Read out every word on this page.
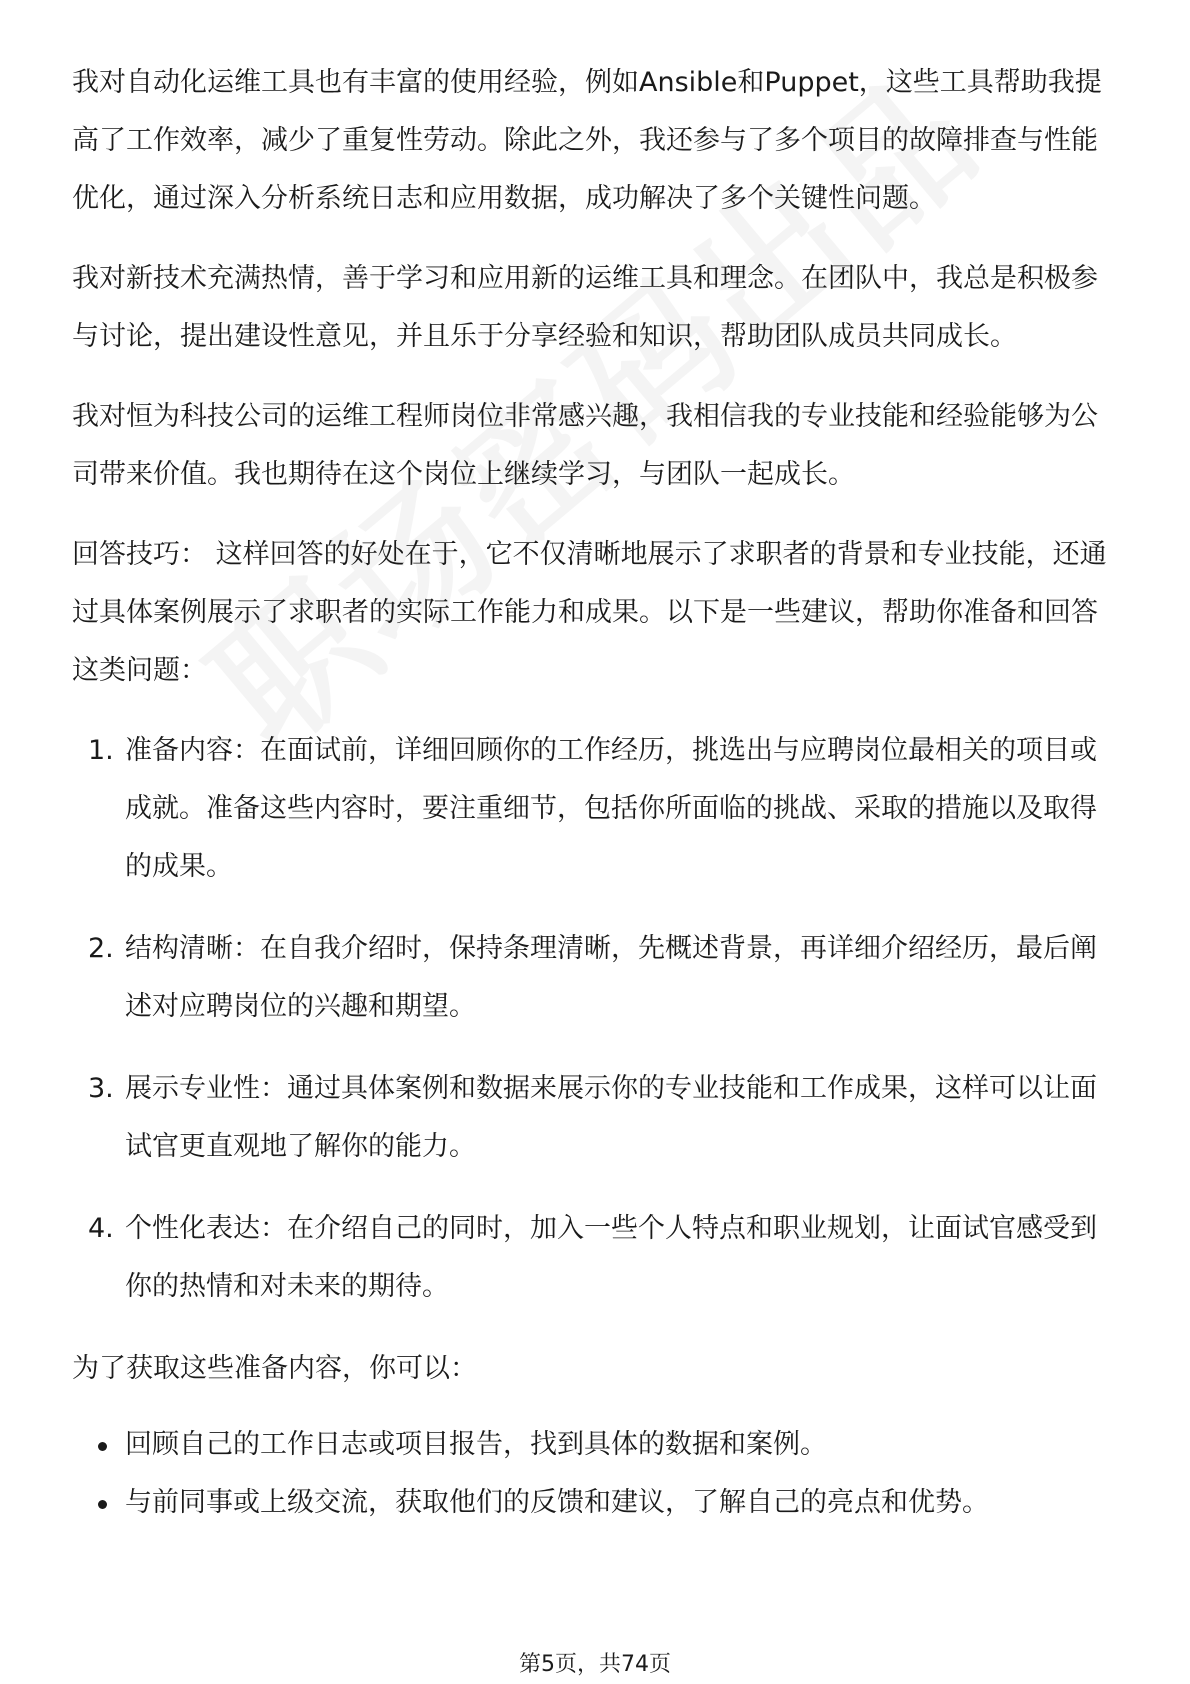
我对自动化运维工具也有丰富的使用经验，例如Ansible和Puppet，这些工具帮助我提高了工作效率，减少了重复性劳动。除此之外，我还参与了多个项目的故障排查与性能优化，通过深入分析系统日志和应用数据，成功解决了多个关键性问题。

我对新技术充满热情，善于学习和应用新的运维工具和理念。在团队中，我总是积极参与讨论，提出建设性意见，并且乐于分享经验和知识，帮助团队成员共同成长。

我对恒为科技公司的运维工程师岗位非常感兴趣，我相信我的专业技能和经验能够为公司带来价值。我也期待在这个岗位上继续学习，与团队一起成长。

回答技巧： 这样回答的好处在于，它不仅清晰地展示了求职者的背景和专业技能，还通过具体案例展示了求职者的实际工作能力和成果。以下是一些建议，帮助你准备和回答这类问题：

1. 准备内容：在面试前，详细回顾你的工作经历，挑选出与应聘岗位最相关的项目或成就。准备这些内容时，要注重细节，包括你所面临的挑战、采取的措施以及取得的成果。
2. 结构清晰：在自我介绍时，保持条理清晰，先概述背景，再详细介绍经历，最后阐述对应聘岗位的兴趣和期望。
3. 展示专业性：通过具体案例和数据来展示你的专业技能和工作成果，这样可以让面试官更直观地了解你的能力。
4. 个性化表达：在介绍自己的同时，加入一些个人特点和职业规划，让面试官感受到你的热情和对未来的期待。

为了获取这些准备内容，你可以：

回顾自己的工作日志或项目报告，找到具体的数据和案例。
与前同事或上级交流，获取他们的反馈和建议，了解自己的亮点和优势。
第5页，共74页
